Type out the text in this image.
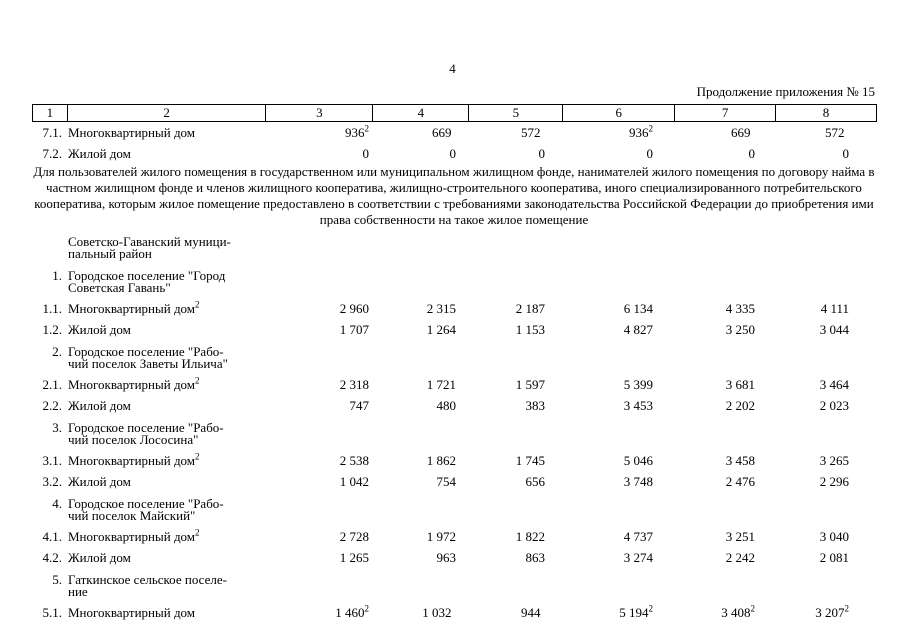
4
Продолжение приложения № 15
1	2	3	4	5	6	7	8
7.1.	Многоквартирный дом	$936^2$	669	572	$936^2$	669	572
7.2.	Жилой дом	0	0	0	0	0	0
Для пользователей жилого помещения в государственном или муниципальном жилищном фонде, нанимателей жилого помещения по договору найма в частном жилищном фонде и членов жилищного кооператива, жилищно-строительного кооператива, иного специализированного потребительского кооператива, которым жилое помещение предоставлено в соответствии с требованиями законодательства Российской Федерации до приобретения ими права собственности на такое жилое помещение
	Советско-Гаванский муници-
пальный район						
1.	Городское поселение "Город
Советская Гавань"						
1.1.	Многоквартирный дом$^2$	2 960	2 315	2 187	6 134	4 335	4 111
1.2.	Жилой дом	1 707	1 264	1 153	4 827	3 250	3 044
2.	Городское поселение "Рабо-
чий поселок Заветы Ильича"						
2.1.	Многоквартирный дом$^2$	2 318	1 721	1 597	5 399	3 681	3 464
2.2.	Жилой дом	747	480	383	3 453	2 202	2 023
3.	Городское поселение "Рабо-
чий поселок Лососина"						
3.1.	Многоквартирный дом$^2$	2 538	1 862	1 745	5 046	3 458	3 265
3.2.	Жилой дом	1 042	754	656	3 748	2 476	2 296
4.	Городское поселение "Рабо-
чий поселок Майский"						
4.1.	Многоквартирный дом$^2$	2 728	1 972	1 822	4 737	3 251	3 040
4.2.	Жилой дом	1 265	963	863	3 274	2 242	2 081
5.	Гаткинское сельское поселе-
ние						
5.1.	Многоквартирный дом	1 $460^2$	1 032	944	5 $194^2$	3 $408^2$	3 $207^2$
